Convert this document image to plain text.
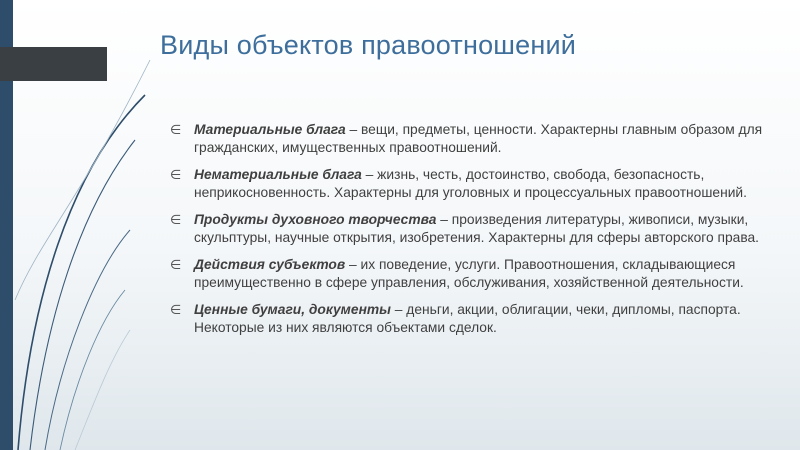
Виды объектов правоотношений
∈ Материальные блага – вещи, предметы, ценности. Характерны главным образом для гражданских, имущественных правоотношений.
∈ Нематериальные блага – жизнь, честь, достоинство, свобода, безопасность, неприкосновенность. Характерны для уголовных и процессуальных правоотношений.
∈ Продукты духовного творчества – произведения литературы, живописи, музыки, скульптуры, научные открытия, изобретения. Характерны для сферы авторского права.
∈ Действия субъектов – их поведение, услуги. Правоотношения, складывающиеся преимущественно в сфере управления, обслуживания, хозяйственной деятельности.
∈ Ценные бумаги, документы – деньги, акции, облигации, чеки, дипломы, паспорта. Некоторые из них являются объектами сделок.
